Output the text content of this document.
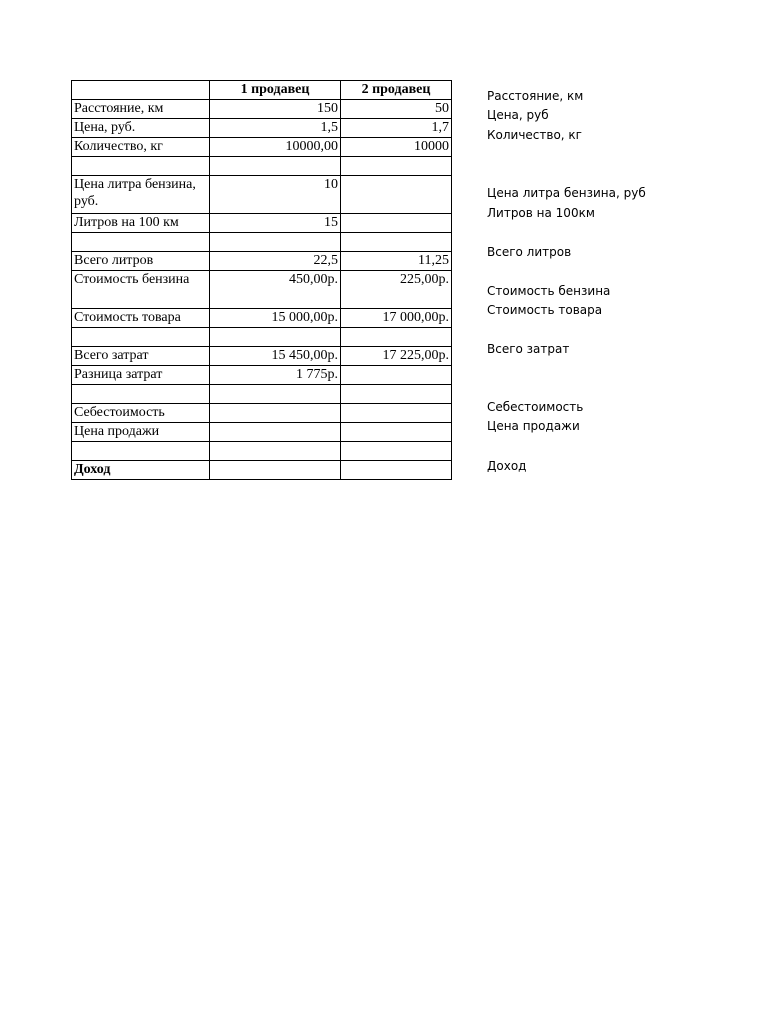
	1 продавец	2 продавец
Расстояние, км	150	50
Цена, руб.	1,5	1,7
Количество, кг	10000,00	10000

Цена литра бензина, руб.	10	
Литров на 100 км	15	

Всего литров	22,5	11,25
Стоимость бензина	450,00р.	225,00р.
Стоимость товара	15 000,00р.	17 000,00р.

Всего затрат	15 450,00р.	17 225,00р.
Разница затрат	1 775р.	

Себестоимость		
Цена продажи		

Доход		
Расстояние, км
Цена, руб
Количество, кг
Цена литра бензина, руб
Литров на 100км
Всего литров
Стоимость бензина
Стоимость товара
Всего затрат
Себестоимость
Цена продажи
Доход
